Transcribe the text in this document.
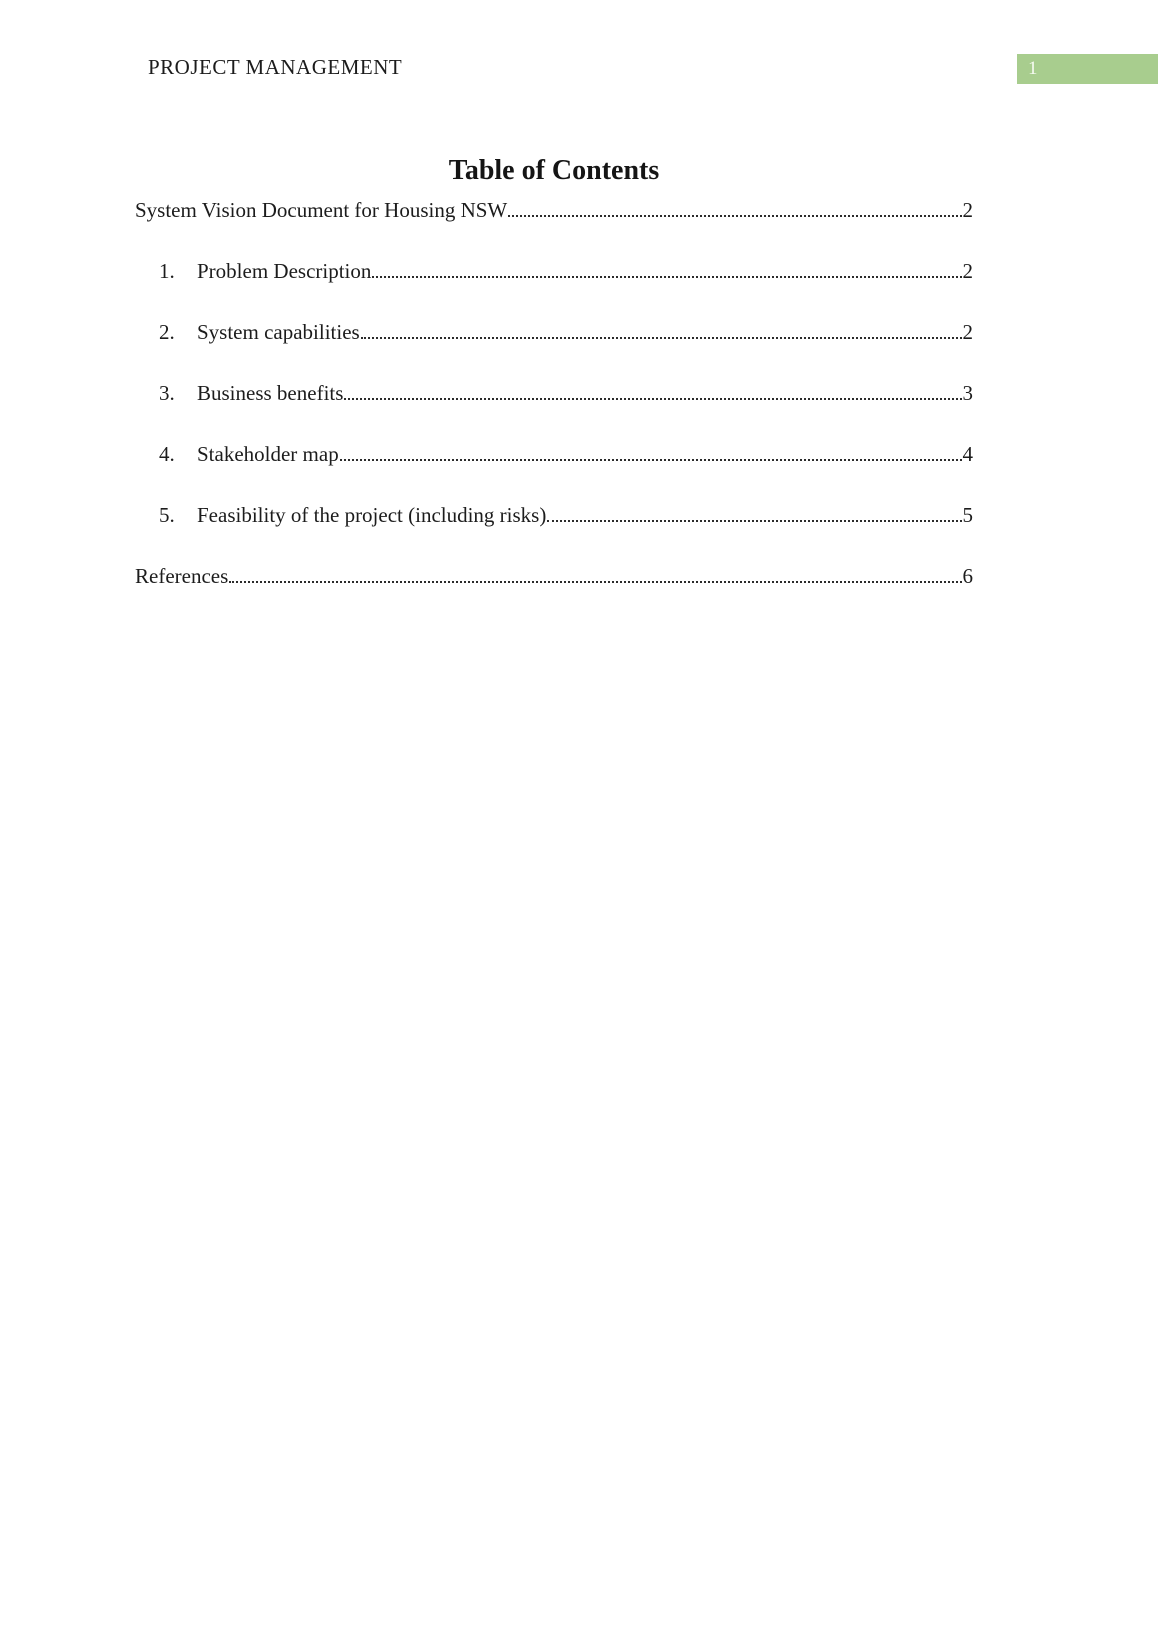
PROJECT MANAGEMENT	1
Table of Contents
System Vision Document for Housing NSW	2
1.	Problem Description	2
2.	System capabilities	2
3.	Business benefits	3
4.	Stakeholder map	4
5.	Feasibility of the project (including risks)	5
References	6
